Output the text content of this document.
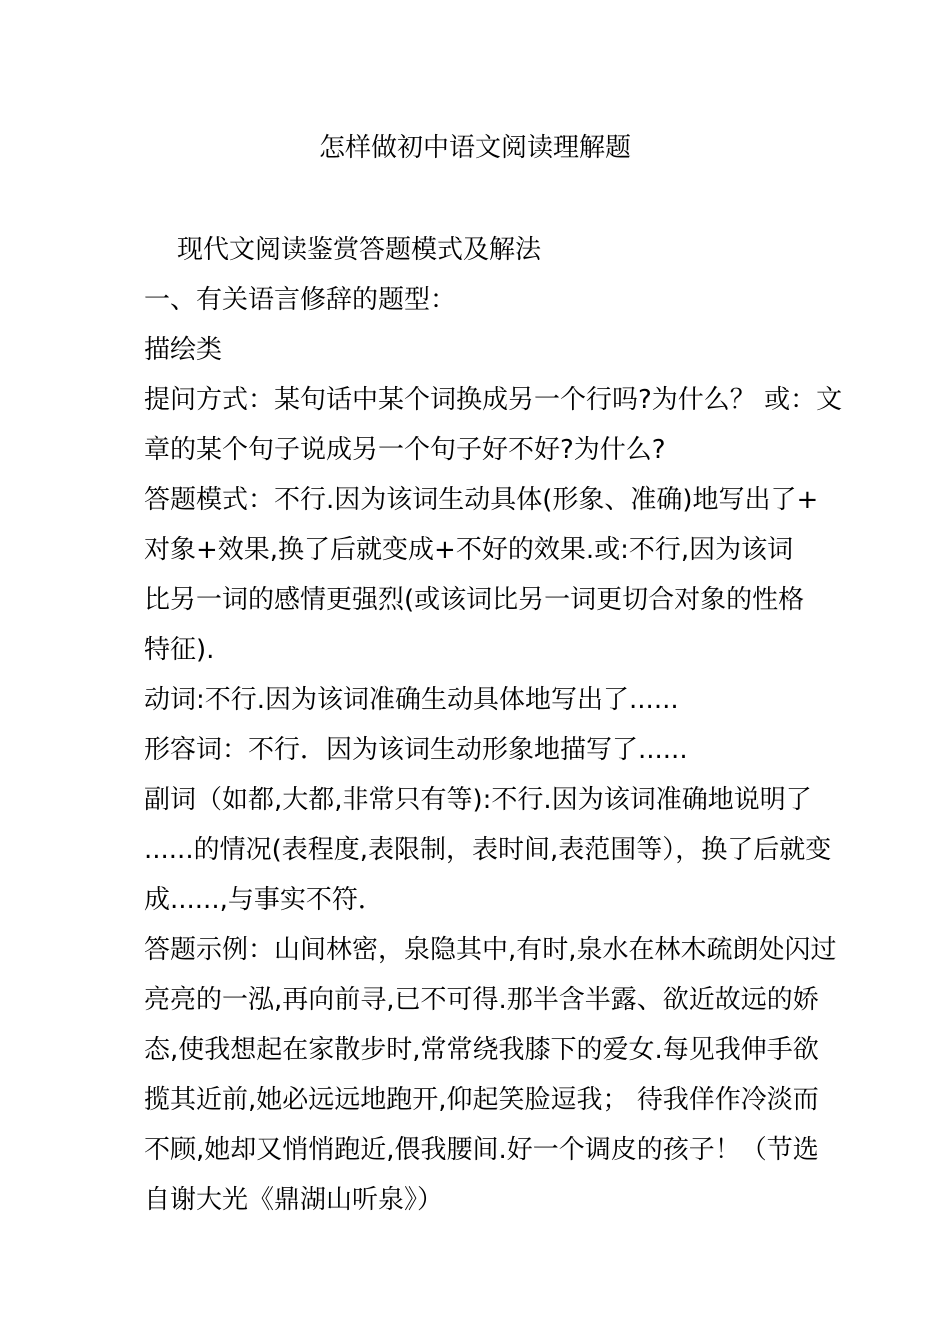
怎样做初中语文阅读理解题
现代文阅读鉴赏答题模式及解法
一、有关语言修辞的题型：
描绘类
提问方式：某句话中某个词换成另一个行吗?为什么？ 或：文
章的某个句子说成另一个句子好不好?为什么?
答题模式：不行.因为该词生动具体(形象、准确)地写出了+
对象+效果,换了后就变成+不好的效果.或:不行,因为该词
比另一词的感情更强烈(或该词比另一词更切合对象的性格
特征).
动词:不行.因为该词准确生动具体地写出了......
形容词：不行．因为该词生动形象地描写了......
副词（如都,大都,非常只有等):不行.因为该词准确地说明了
......的情况(表程度,表限制，表时间,表范围等），换了后就变
成......,与事实不符．
答题示例：山间林密，泉隐其中,有时,泉水在林木疏朗处闪过
亮亮的一泓,再向前寻,已不可得.那半含半露、欲近故远的娇
态,使我想起在家散步时,常常绕我膝下的爱女.每见我伸手欲
揽其近前,她必远远地跑开,仰起笑脸逗我； 待我佯作冷淡而
不顾,她却又悄悄跑近,偎我腰间.好一个调皮的孩子！（节选
自谢大光《鼎湖山听泉》）
